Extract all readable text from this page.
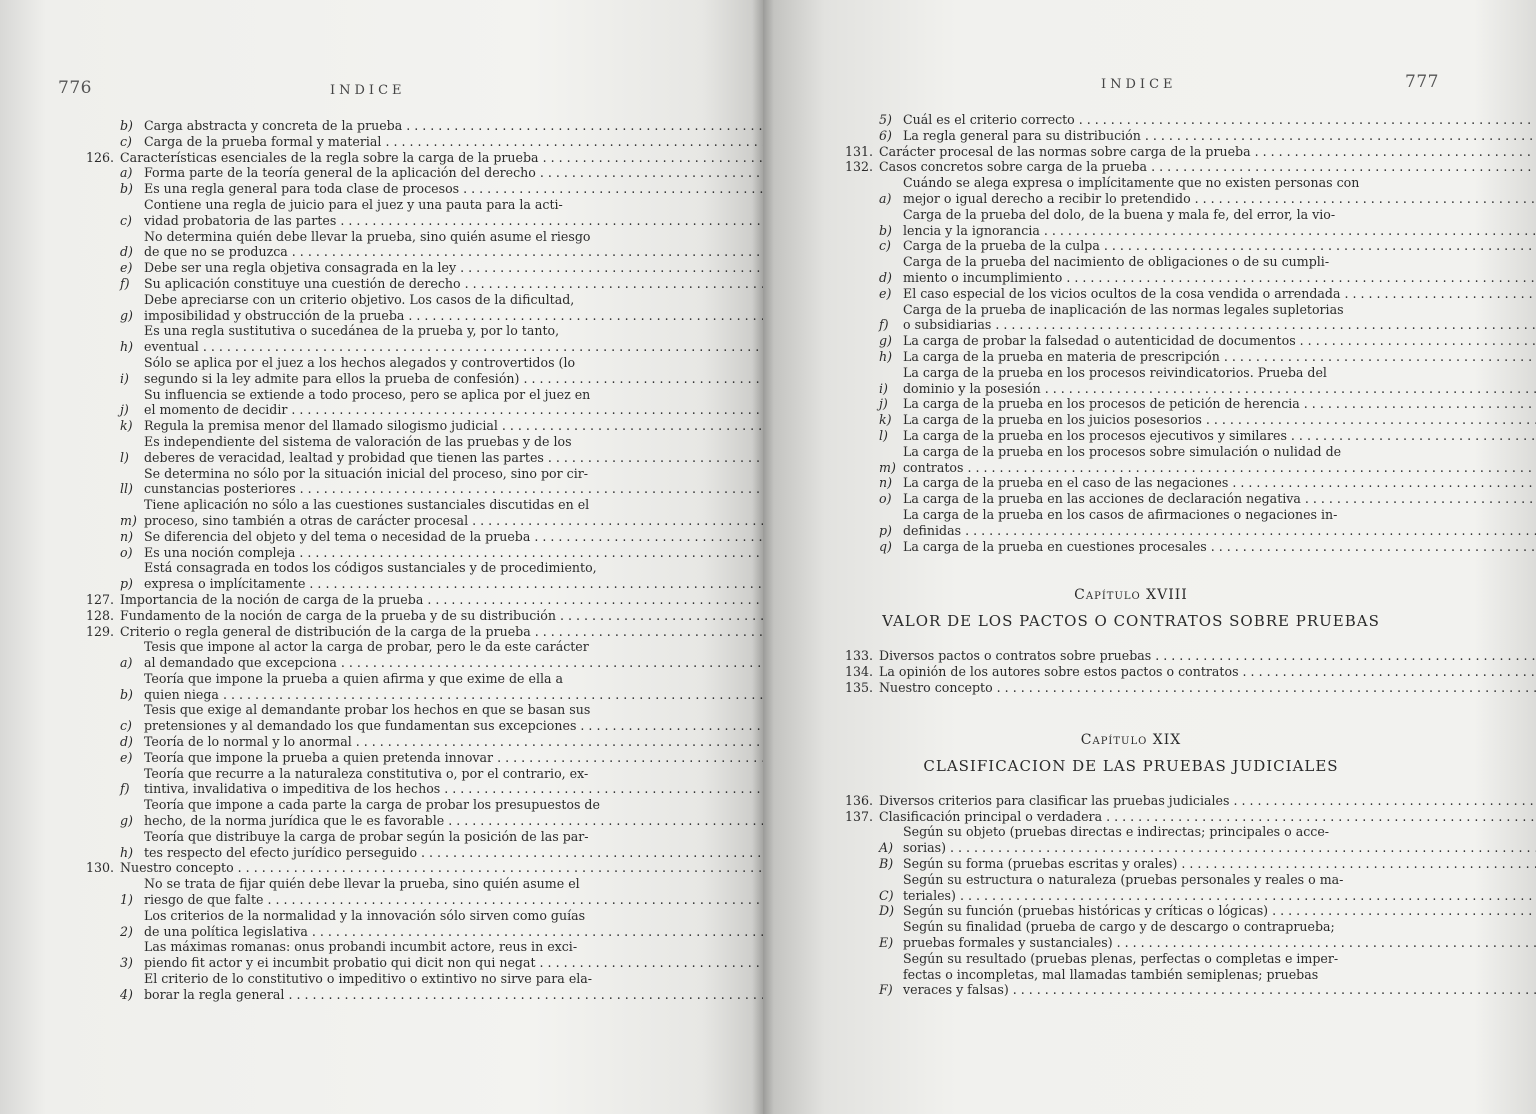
776	INDICE
b) Carga abstracta y concreta de la prueba . . .
c) Carga de la prueba formal y material . . .
126. Características esenciales de la regla sobre la carga de la prueba . . .
a) Forma parte de la teoría general de la aplicación del derecho . . .
b) Es una regla general para toda clase de procesos . . .
c)
Contiene una regla de juicio para el juez y una pauta para la acti-
vidad probatoria de las partes . . .
d)
No determina quién debe llevar la prueba, sino quién asume el riesgo
de que no se produzca . . .
e) Debe ser una regla objetiva consagrada en la ley . . .
f)	Su aplicación constituye una cuestión de derecho . . .
g)
Debe apreciarse con un criterio objetivo. Los casos de la dificultad,
imposibilidad y obstrucción de la prueba . . .
h)
Es una regla sustitutiva o sucedánea de la prueba y, por lo tanto,
eventual . . .
i)
Sólo se aplica por el juez a los hechos alegados y controvertidos (lo
segundo si la ley admite para ellos la prueba de confesión) . . .
j)
Su influencia se extiende a todo proceso, pero se aplica por el juez en
el momento de decidir . . .
k) Regula la premisa menor del llamado silogismo judicial . . .
l)
Es independiente del sistema de valoración de las pruebas y de los
deberes de veracidad, lealtad y probidad que tienen las partes . . .
ll)
Se determina no sólo por la situación inicial del proceso, sino por cir-
cunstancias posteriores . . .
m)
Tiene aplicación no sólo a las cuestiones sustanciales discutidas en el
proceso, sino también a otras de carácter procesal . . .
n) Se diferencia del objeto y del tema o necesidad de la prueba . . .
o) Es una noción compleja . . .
p)
Está consagrada en todos los códigos sustanciales y de procedimiento,
expresa o implícitamente . . .
127. Importancia de la noción de carga de la prueba . . .
128. Fundamento de la noción de carga de la prueba y de su distribución . . .
129. Criterio o regla general de distribución de la carga de la prueba . . .
a)
Tesis que impone al actor la carga de probar, pero le da este carácter
al demandado que excepciona . . .
b)
Teoría que impone la prueba a quien afirma y que exime de ella a
quien niega . . .
c)
Tesis que exige al demandante probar los hechos en que se basan sus
pretensiones y al demandado los que fundamentan sus excepciones . . .
d) Teoría de lo normal y lo anormal . . .
e) Teoría que impone la prueba a quien pretenda innovar . . .
f)
Teoría que recurre a la naturaleza constitutiva o, por el contrario, ex-
tintiva, invalidativa o impeditiva de los hechos . . .
g)
Teoría que impone a cada parte la carga de probar los presupuestos de
hecho, de la norma jurídica que le es favorable . . .
h)
Teoría que distribuye la carga de probar según la posición de las par-
tes respecto del efecto jurídico perseguido . . .
130. Nuestro concepto . . .
1)
No se trata de fijar quién debe llevar la prueba, sino quién asume el
riesgo de que falte . . .
2)
Los criterios de la normalidad y la innovación sólo sirven como guías
de una política legislativa . . .
3)
Las máximas romanas: onus probandi incumbit actore, reus in exci-
piendo fit actor y ei incumbit probatio qui dicit non qui negat . . .
4)
El criterio de lo constitutivo o impeditivo o extintivo no sirve para ela-
borar la regla general . . .
777
INDICE
5) Cuál es el criterio correcto . . .
6) La regla general para su distribución . . .
131. Carácter procesal de las normas sobre carga de la prueba . . .
132. Casos concretos sobre carga de la prueba . . .
a)
Cuándo se alega expresa o implícitamente que no existen personas con
mejor o igual derecho a recibir lo pretendido . . .
b)
Carga de la prueba del dolo, de la buena y mala fe, del error, la vio-
lencia y la ignorancia . . .
c) Carga de la prueba de la culpa . . .
d)
Carga de la prueba del nacimiento de obligaciones o de su cumpli-
miento o incumplimiento . . .
e) El caso especial de los vicios ocultos de la cosa vendida o arrendada . . .
f)
Carga de la prueba de inaplicación de las normas legales supletorias
o subsidiarias . . .
g) La carga de probar la falsedad o autenticidad de documentos . . .
h) La carga de la prueba en materia de prescripción . . .
i)
La carga de la prueba en los procesos reivindicatorios. Prueba del
dominio y la posesión . . .
j)	La carga de la prueba en los procesos de petición de herencia . . .
k) La carga de la prueba en los juicios posesorios . . .
l)	La carga de la prueba en los procesos ejecutivos y similares . . .
m)
La carga de la prueba en los procesos sobre simulación o nulidad de
contratos . . .
n) La carga de la prueba en el caso de las negaciones . . .
o) La carga de la prueba en las acciones de declaración negativa . . .
p)
La carga de la prueba en los casos de afirmaciones o negaciones in-
definidas . . .
q) La carga de la prueba en cuestiones procesales . . .
Capítulo XVIII
VALOR DE LOS PACTOS O CONTRATOS SOBRE PRUEBAS
133. Diversos pactos o contratos sobre pruebas . . .
134. La opinión de los autores sobre estos pactos o contratos . . .
135. Nuestro concepto . . .
Capítulo XIX
CLASIFICACION DE LAS PRUEBAS JUDICIALES
136. Diversos criterios para clasificar las pruebas judiciales . . .
137. Clasificación principal o verdadera . . .
A)
Según su objeto (pruebas directas e indirectas; principales o acce-
sorias) . . .
B) Según su forma (pruebas escritas y orales) . . .
C)
Según su estructura o naturaleza (pruebas personales y reales o ma-
teriales) . . .
D) Según su función (pruebas históricas y críticas o lógicas) . . .
E)
Según su finalidad (prueba de cargo y de descargo o contraprueba;
pruebas formales y sustanciales) . . .
F)
Según su resultado (pruebas plenas, perfectas o completas e imper-
fectas o incompletas, mal llamadas también semiplenas; pruebas
veraces y falsas) . . .
